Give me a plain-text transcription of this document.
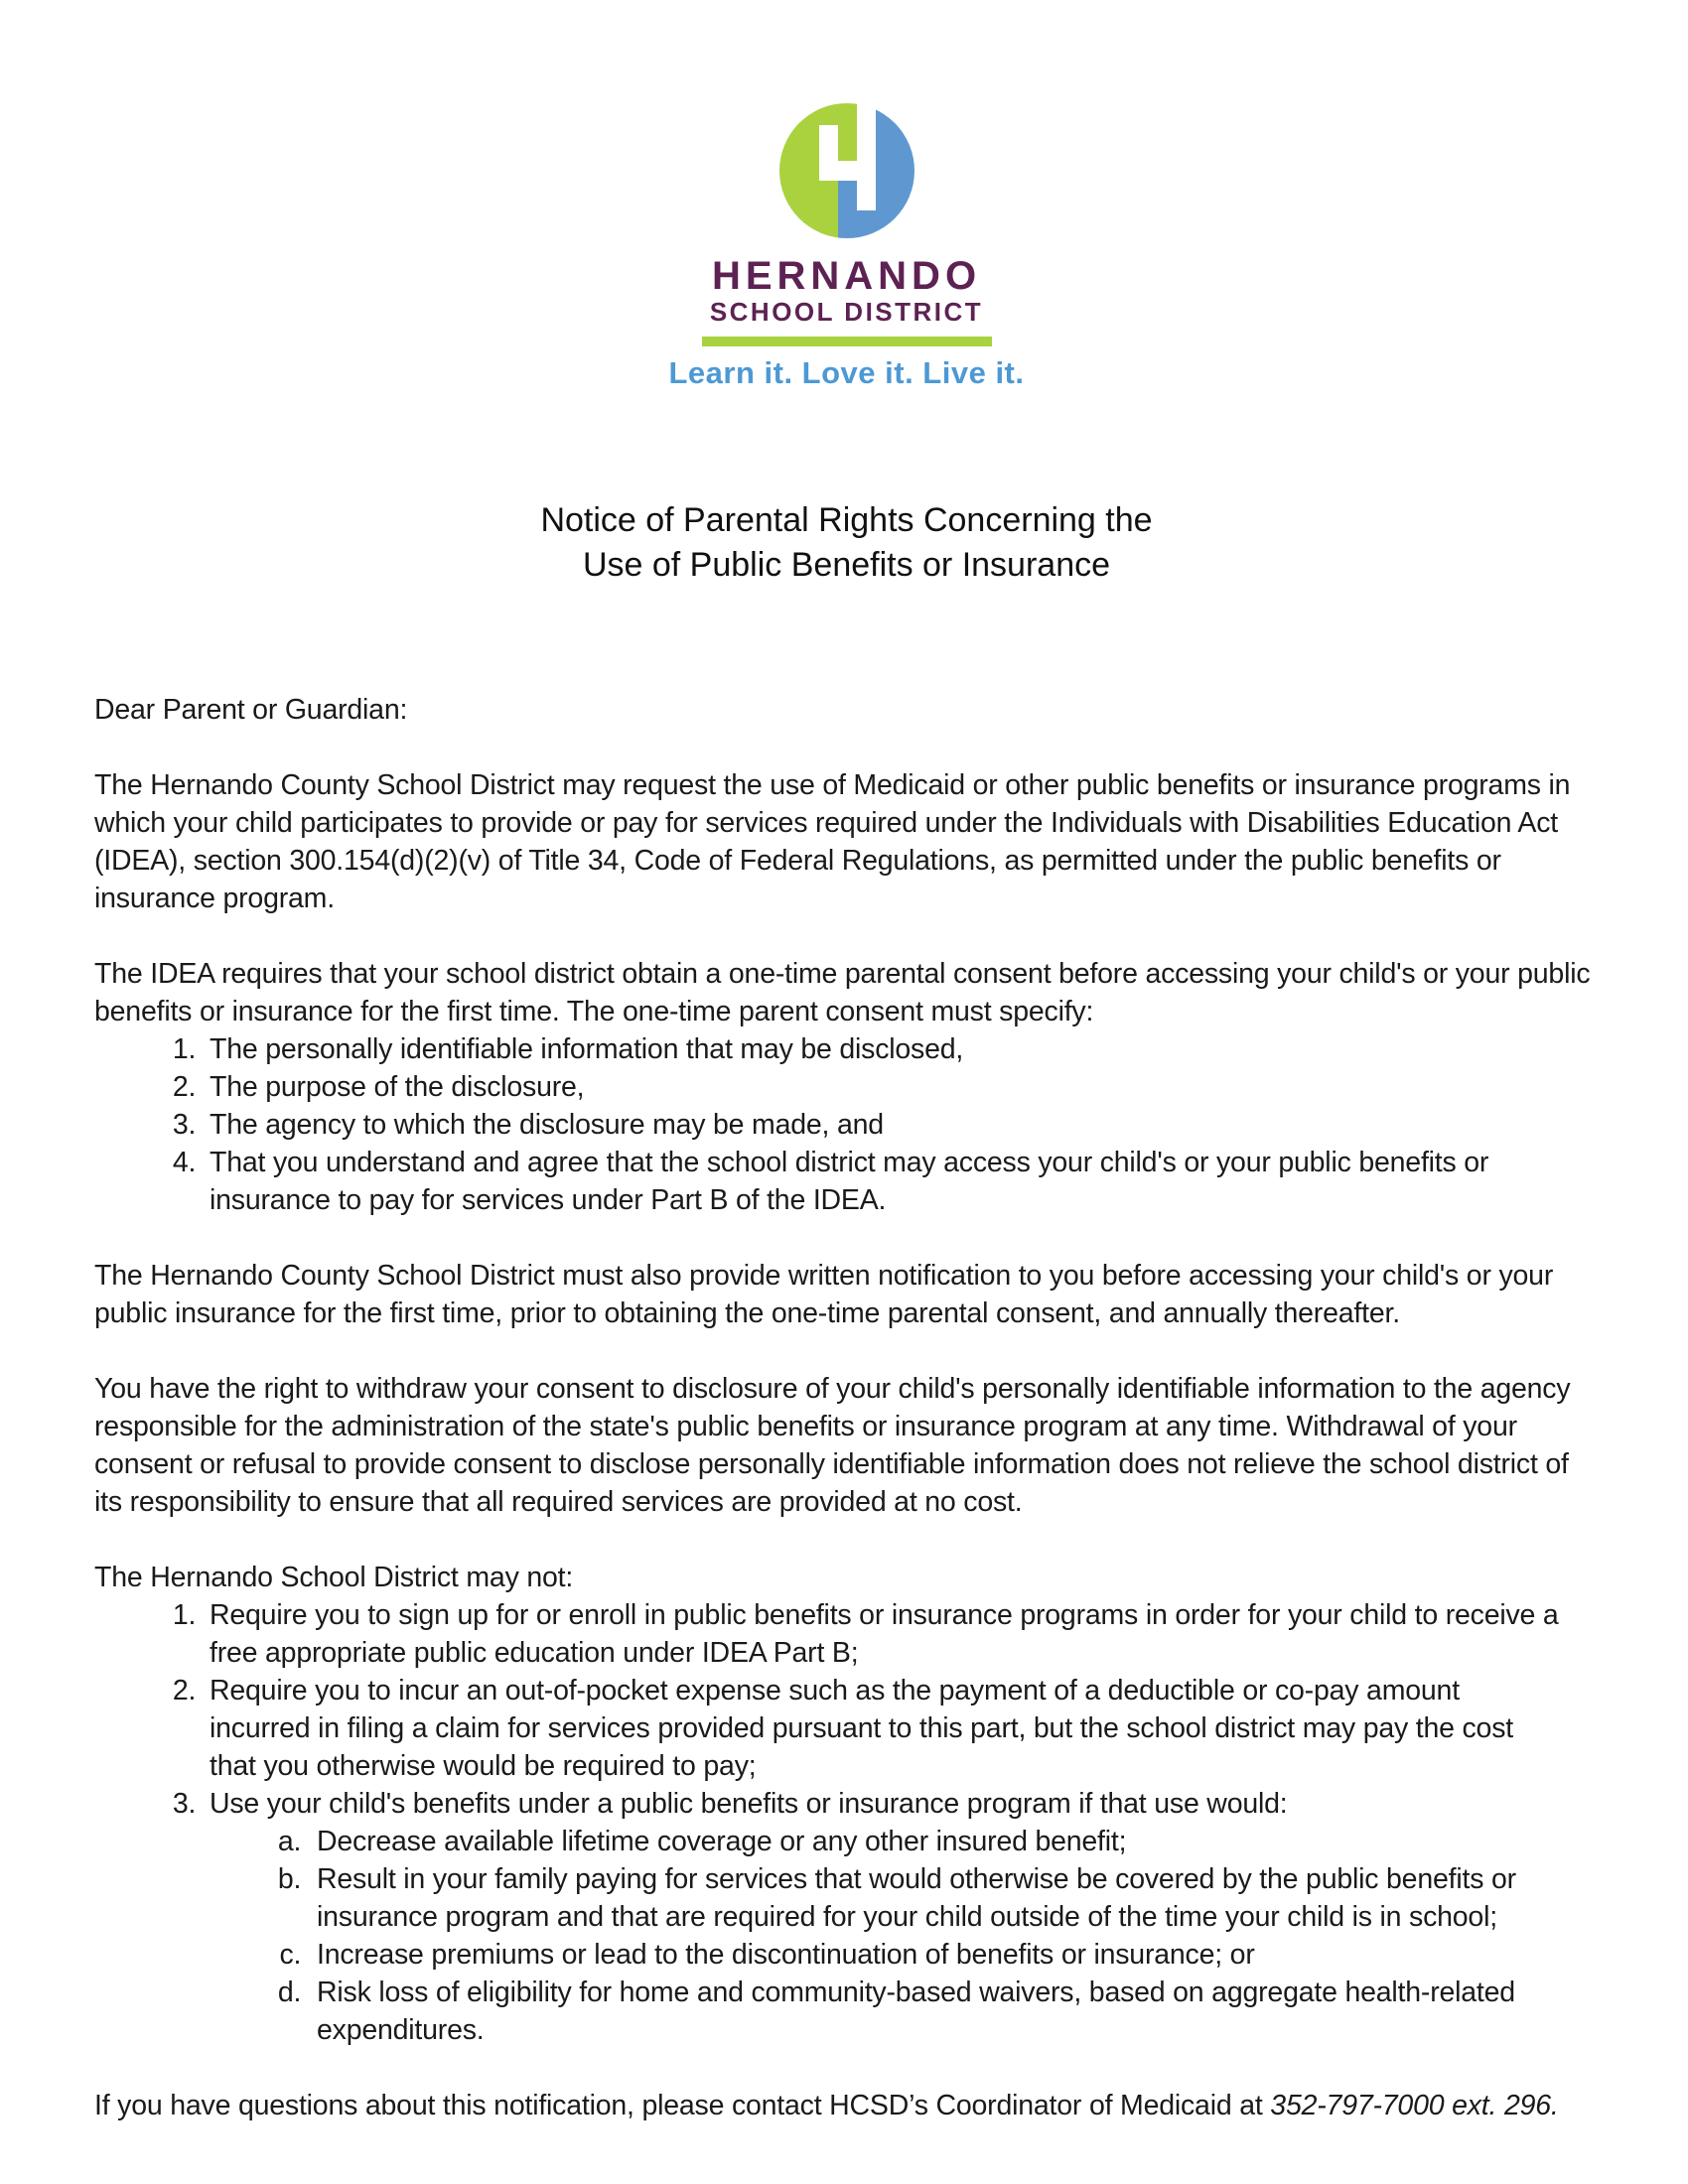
HERNANDO
SCHOOL DISTRICT
Learn it. Love it. Live it.
Notice of Parental Rights Concerning the
Use of Public Benefits or Insurance
Dear Parent or Guardian:
The Hernando County School District may request the use of Medicaid or other public benefits or insurance programs in which your child participates to provide or pay for services required under the Individuals with Disabilities Education Act (IDEA), section 300.154(d)(2)(v) of Title 34, Code of Federal Regulations, as permitted under the public benefits or insurance program.
The IDEA requires that your school district obtain a one-time parental consent before accessing your child's or your public benefits or insurance for the first time. The one-time parent consent must specify:
1. The personally identifiable information that may be disclosed,
2. The purpose of the disclosure,
3. The agency to which the disclosure may be made, and
4. That you understand and agree that the school district may access your child's or your public benefits or insurance to pay for services under Part B of the IDEA.
The Hernando County School District must also provide written notification to you before accessing your child's or your public insurance for the first time, prior to obtaining the one-time parental consent, and annually thereafter.
You have the right to withdraw your consent to disclosure of your child's personally identifiable information to the agency responsible for the administration of the state's public benefits or insurance program at any time. Withdrawal of your consent or refusal to provide consent to disclose personally identifiable information does not relieve the school district of its responsibility to ensure that all required services are provided at no cost.
The Hernando School District may not:
1. Require you to sign up for or enroll in public benefits or insurance programs in order for your child to receive a free appropriate public education under IDEA Part B;
2. Require you to incur an out-of-pocket expense such as the payment of a deductible or co-pay amount incurred in filing a claim for services provided pursuant to this part, but the school district may pay the cost that you otherwise would be required to pay;
3. Use your child's benefits under a public benefits or insurance program if that use would:
a. Decrease available lifetime coverage or any other insured benefit;
b. Result in your family paying for services that would otherwise be covered by the public benefits or insurance program and that are required for your child outside of the time your child is in school;
c. Increase premiums or lead to the discontinuation of benefits or insurance; or
d. Risk loss of eligibility for home and community-based waivers, based on aggregate health-related expenditures.
If you have questions about this notification, please contact HCSD’s Coordinator of Medicaid at 352-797-7000 ext. 296.
